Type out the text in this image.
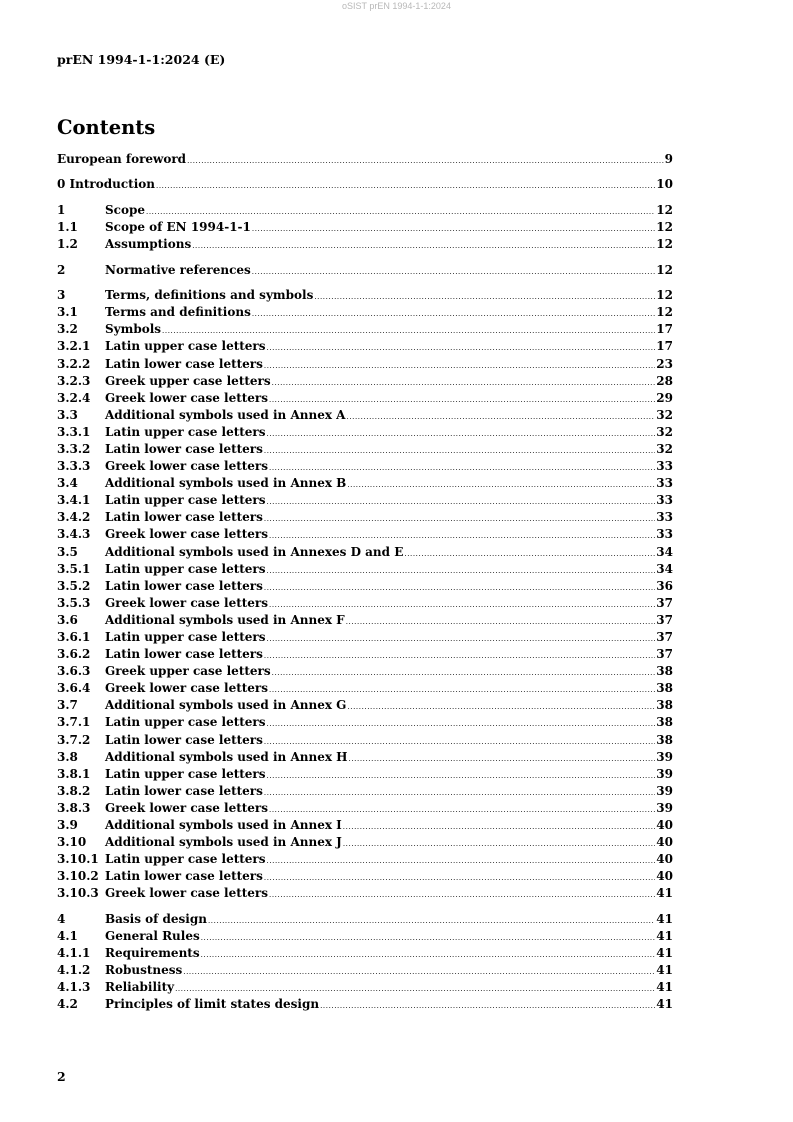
oSIST prEN 1994-1-1:2024
prEN 1994-1-1:2024 (E)
Contents
European foreword .....	9
0 Introduction .....	10
1	Scope .....	12
1.1	Scope of EN 1994-1-1 .....	12
1.2	Assumptions .....	12
2	Normative references .....	12
3	Terms, definitions and symbols .....	12
3.1	Terms and definitions .....	12
3.2	Symbols .....	17
3.2.1	Latin upper case letters .....	17
3.2.2	Latin lower case letters .....	23
3.2.3	Greek upper case letters .....	28
3.2.4	Greek lower case letters .....	29
3.3	Additional symbols used in Annex A .....	32
3.3.1	Latin upper case letters .....	32
3.3.2	Latin lower case letters .....	32
3.3.3	Greek lower case letters .....	33
3.4	Additional symbols used in Annex B .....	33
3.4.1	Latin upper case letters .....	33
3.4.2	Latin lower case letters .....	33
3.4.3	Greek lower case letters .....	33
3.5	Additional symbols used in Annexes D and E .....	34
3.5.1	Latin upper case letters .....	34
3.5.2	Latin lower case letters .....	36
3.5.3	Greek lower case letters .....	37
3.6	Additional symbols used in Annex F .....	37
3.6.1	Latin upper case letters .....	37
3.6.2	Latin lower case letters .....	37
3.6.3	Greek upper case letters .....	38
3.6.4	Greek lower case letters .....	38
3.7	Additional symbols used in Annex G .....	38
3.7.1	Latin upper case letters .....	38
3.7.2	Latin lower case letters .....	38
3.8	Additional symbols used in Annex H .....	39
3.8.1	Latin upper case letters .....	39
3.8.2	Latin lower case letters .....	39
3.8.3	Greek lower case letters .....	39
3.9	Additional symbols used in Annex I .....	40
3.10	Additional symbols used in Annex J .....	40
3.10.1 Latin upper case letters .....	40
3.10.2 Latin lower case letters .....	40
3.10.3 Greek lower case letters .....	41
4	Basis of design .....	41
4.1	General Rules .....	41
4.1.1	Requirements .....	41
4.1.2	Robustness .....	41
4.1.3	Reliability .....	41
4.2	Principles of limit states design .....	41
2
